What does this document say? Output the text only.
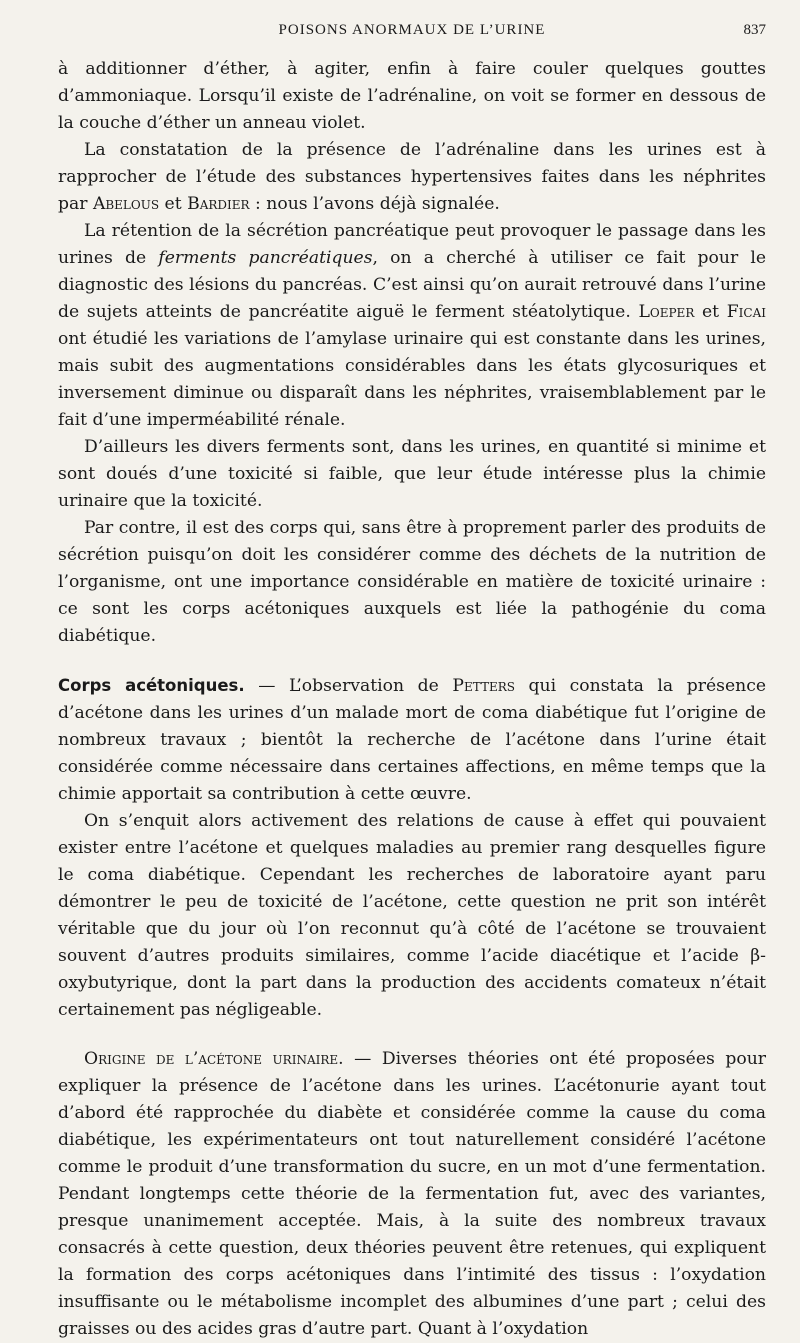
POISONS ANORMAUX DE L’URINE	837

à additionner d’éther, à agiter, enfin à faire couler quelques gouttes d’ammoniaque. Lorsqu’il existe de l’adrénaline, on voit se former en dessous de la couche d’éther un anneau violet.

La constatation de la présence de l’adrénaline dans les urines est à rapprocher de l’étude des substances hypertensives faites dans les néphrites par Abelous et Bardier : nous l’avons déjà signalée.

La rétention de la sécrétion pancréatique peut provoquer le passage dans les urines de ferments pancréatiques, on a cherché à utiliser ce fait pour le diagnostic des lésions du pancréas. C’est ainsi qu’on aurait retrouvé dans l’urine de sujets atteints de pancréatite aiguë le ferment stéatolytique. Loeper et Ficai ont étudié les variations de l’amylase urinaire qui est constante dans les urines, mais subit des augmentations considérables dans les états glycosuriques et inversement diminue ou disparaît dans les néphrites, vraisemblablement par le fait d’une imperméabilité rénale.

D’ailleurs les divers ferments sont, dans les urines, en quantité si minime et sont doués d’une toxicité si faible, que leur étude intéresse plus la chimie urinaire que la toxicité.

Par contre, il est des corps qui, sans être à proprement parler des produits de sécrétion puisqu’on doit les considérer comme des déchets de la nutrition de l’organisme, ont une importance considérable en matière de toxicité urinaire : ce sont les corps acétoniques auxquels est liée la pathogénie du coma diabétique.

Corps acétoniques. — L’observation de Petters qui constata la présence d’acétone dans les urines d’un malade mort de coma diabétique fut l’origine de nombreux travaux ; bientôt la recherche de l’acétone dans l’urine était considérée comme nécessaire dans certaines affections, en même temps que la chimie apportait sa contribution à cette œuvre.

On s’enquit alors activement des relations de cause à effet qui pouvaient exister entre l’acétone et quelques maladies au premier rang desquelles figure le coma diabétique. Cependant les recherches de laboratoire ayant paru démontrer le peu de toxicité de l’acétone, cette question ne prit son intérêt véritable que du jour où l’on reconnut qu’à côté de l’acétone se trouvaient souvent d’autres produits similaires, comme l’acide diacétique et l’acide β-oxybutyrique, dont la part dans la production des accidents comateux n’était certainement pas négligeable.

Origine de l’acétone urinaire. — Diverses théories ont été proposées pour expliquer la présence de l’acétone dans les urines. L’acétonurie ayant tout d’abord été rapprochée du diabète et considérée comme la cause du coma diabétique, les expérimentateurs ont tout naturellement considéré l’acétone comme le produit d’une transformation du sucre, en un mot d’une fermentation. Pendant longtemps cette théorie de la fermentation fut, avec des variantes, presque unanimement acceptée. Mais, à la suite des nombreux travaux consacrés à cette question, deux théories peuvent être retenues, qui expliquent la formation des corps acétoniques dans l’intimité des tissus : l’oxydation insuffisante ou le métabolisme incomplet des albumines d’une part ; celui des graisses ou des acides gras d’autre part. Quant à l’oxydation
